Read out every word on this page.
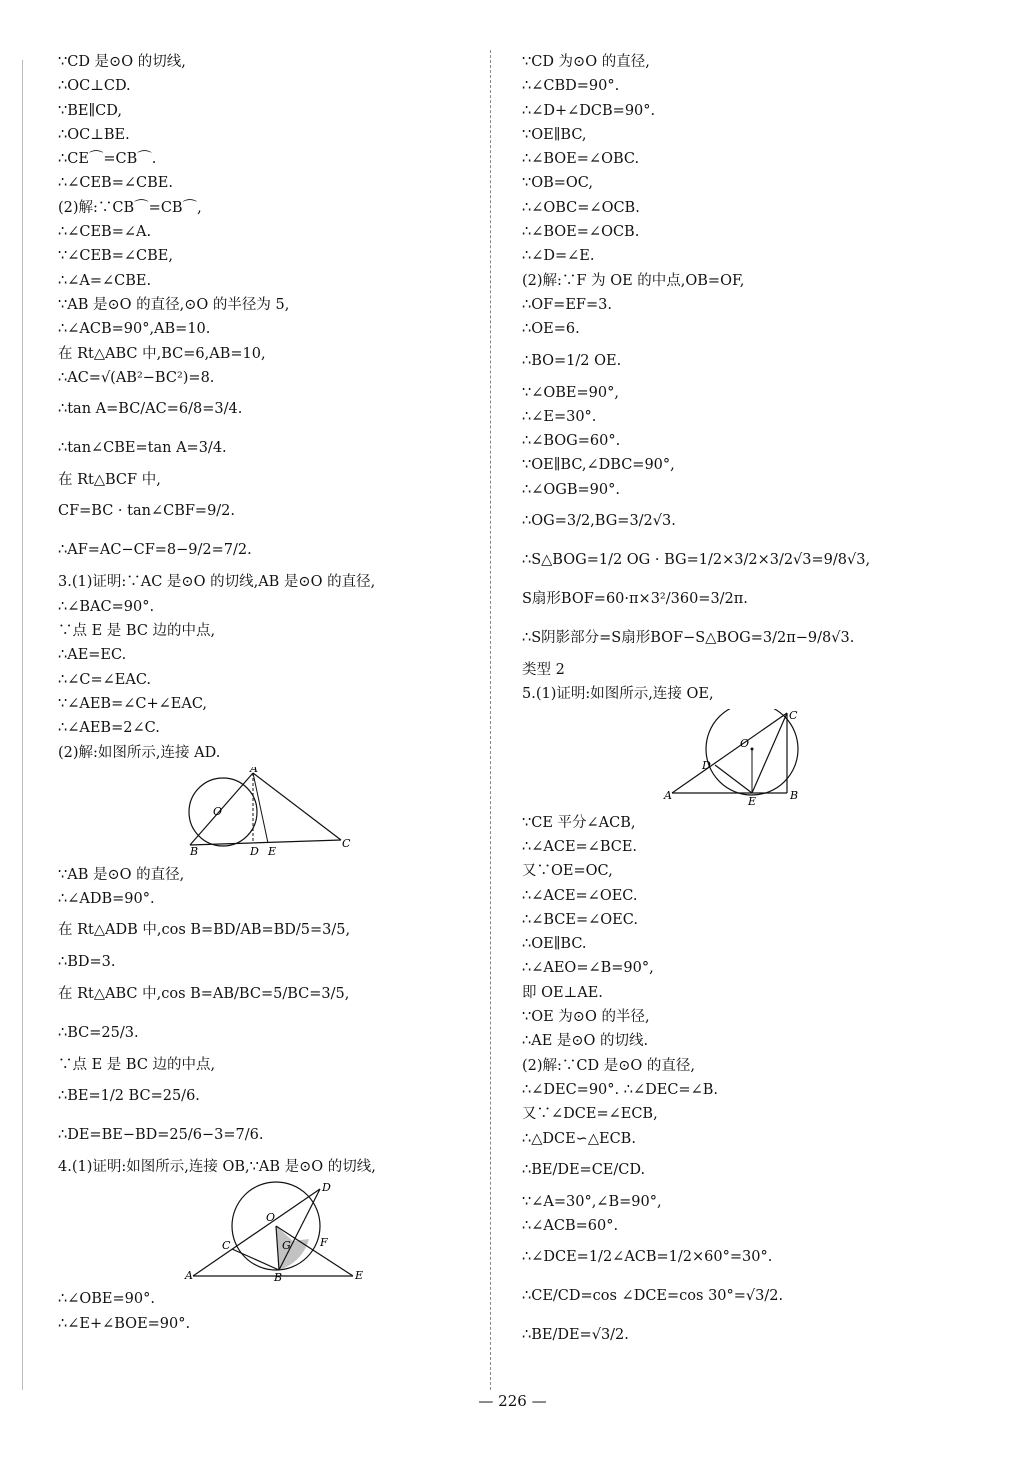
∵CD 是⊙O 的切线,
∴OC⊥CD.
∵BE∥CD,
∴OC⊥BE.
∴CE⌒=CB⌒.
∴∠CEB=∠CBE.
(2)解:∵CB⌒=CB⌒,
∴∠CEB=∠A.
∵∠CEB=∠CBE,
∴∠A=∠CBE.
∵AB 是⊙O 的直径,⊙O 的半径为 5,
∴∠ACB=90°,AB=10.
在 Rt△ABC 中,BC=6,AB=10,
∴AC=√(AB²−BC²)=8.
∴tan A=BC/AC=6/8=3/4.
∴tan∠CBE=tan A=3/4.
在 Rt△BCF 中,
CF=BC · tan∠CBF=9/2.
∴AF=AC−CF=8−9/2=7/2.
3.(1)证明:∵AC 是⊙O 的切线,AB 是⊙O 的直径,
∴∠BAC=90°.
∵点 E 是 BC 边的中点,
∴AE=EC.
∴∠C=∠EAC.
∵∠AEB=∠C+∠EAC,
∴∠AEB=2∠C.
(2)解:如图所示,连接 AD.
A
O
B	D E
C
∵AB 是⊙O 的直径,
∴∠ADB=90°.
在 Rt△ADB 中,cos B=BD/AB=BD/5=3/5,
∴BD=3.
在 Rt△ABC 中,cos B=AB/BC=5/BC=3/5,
∴BC=25/3.
∵点 E 是 BC 边的中点,
∴BE=1/2 BC=25/6.
∴DE=BE−BD=25/6−3=7/6.
4.(1)证明:如图所示,连接 OB,∵AB 是⊙O 的切线,
O
D
C	G	F
A	B	E
∴∠OBE=90°.
∴∠E+∠BOE=90°.
∵CD 为⊙O 的直径,
∴∠CBD=90°.
∴∠D+∠DCB=90°.
∵OE∥BC,
∴∠BOE=∠OBC.
∵OB=OC,
∴∠OBC=∠OCB.
∴∠BOE=∠OCB.
∴∠D=∠E.
(2)解:∵F 为 OE 的中点,OB=OF,
∴OF=EF=3.
∴OE=6.
∴BO=1/2 OE.
∵∠OBE=90°,
∴∠E=30°.
∴∠BOG=60°.
∵OE∥BC,∠DBC=90°,
∴∠OGB=90°.
∴OG=3/2,BG=3/2√3.
∴S△BOG=1/2 OG · BG=1/2×3/2×3/2√3=9/8√3,
S扇形BOF=60·π×3²/360=3/2π.
∴S阴影部分=S扇形BOF−S△BOG=3/2π−9/8√3.
类型 2
5.(1)证明:如图所示,连接 OE,
O
C
D
A	E	B
∵CE 平分∠ACB,
∴∠ACE=∠BCE.
又∵OE=OC,
∴∠ACE=∠OEC.
∴∠BCE=∠OEC.
∴OE∥BC.
∴∠AEO=∠B=90°,
即 OE⊥AE.
∵OE 为⊙O 的半径,
∴AE 是⊙O 的切线.
(2)解:∵CD 是⊙O 的直径,
∴∠DEC=90°. ∴∠DEC=∠B.
又∵∠DCE=∠ECB,
∴△DCE∽△ECB.
∴BE/DE=CE/CD.
∵∠A=30°,∠B=90°,
∴∠ACB=60°.
∴∠DCE=1/2∠ACB=1/2×60°=30°.
∴CE/CD=cos ∠DCE=cos 30°=√3/2.
∴BE/DE=√3/2.
— 226 —
